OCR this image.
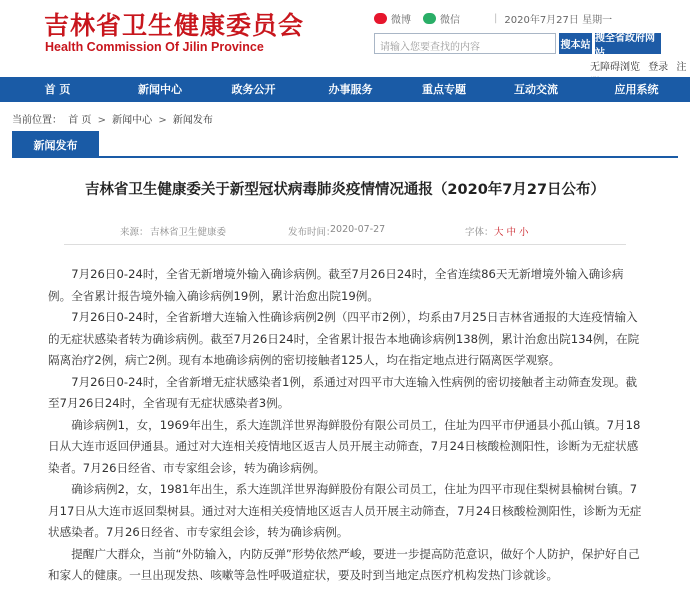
吉林省卫生健康委员会
Health Commission Of Jilin Province
微博	微信	| 2020年7月27日 星期一
请输入您要查找的内容	搜本站
搜全省政府网站
无障碍浏览 登录 注
首 页	新闻中心	政务公开	办事服务	重点专题	互动交流	应用系统
当前位置： 首 页 > 新闻中心 > 新闻发布
新闻发布
吉林省卫生健康委关于新型冠状病毒肺炎疫情情况通报（2020年7月27日公布）
来源： 吉林省卫生健康委	发布时间：
2020-07-27	字体： 大 中 小

7月26日0-24时，全省无新增境外输入确诊病例。截至7月26日24时，全省连续86天无新增境外输入确诊病例。全省累计报告境外输入确诊病例19例，累计治愈出院19例。

7月26日0-24时，全省新增大连输入性确诊病例2例（四平市2例），均系由7月25日吉林省通报的大连疫情输入的无症状感染者转为确诊病例。截至7月26日24时，全省累计报告本地确诊病例138例，累计治愈出院134例，在院隔离治疗2例，病亡2例。现有本地确诊病例的密切接触者125人，均在指定地点进行隔离医学观察。

7月26日0-24时，全省新增无症状感染者1例，系通过对四平市大连输入性病例的密切接触者主动筛查发现。截至7月26日24时，全省现有无症状感染者3例。

确诊病例1，女，1969年出生，系大连凯洋世界海鲜股份有限公司员工，住址为四平市伊通县小孤山镇。7月18日从大连市返回伊通县。通过对大连相关疫情地区返吉人员开展主动筛查，7月24日核酸检测阳性，诊断为无症状感染者。7月26日经省、市专家组会诊，转为确诊病例。

确诊病例2，女，1981年出生，系大连凯洋世界海鲜股份有限公司员工，住址为四平市现住梨树县榆树台镇。7月17日从大连市返回梨树县。通过对大连相关疫情地区返吉人员开展主动筛查，7月24日核酸检测阳性，诊断为无症状感染者。7月26日经省、市专家组会诊，转为确诊病例。

提醒广大群众，当前“外防输入，内防反弹”形势依然严峻，要进一步提高防范意识，做好个人防护，保护好自己和家人的健康。一旦出现发热、咳嗽等急性呼吸道症状，要及时到当地定点医疗机构发热门诊就诊。
